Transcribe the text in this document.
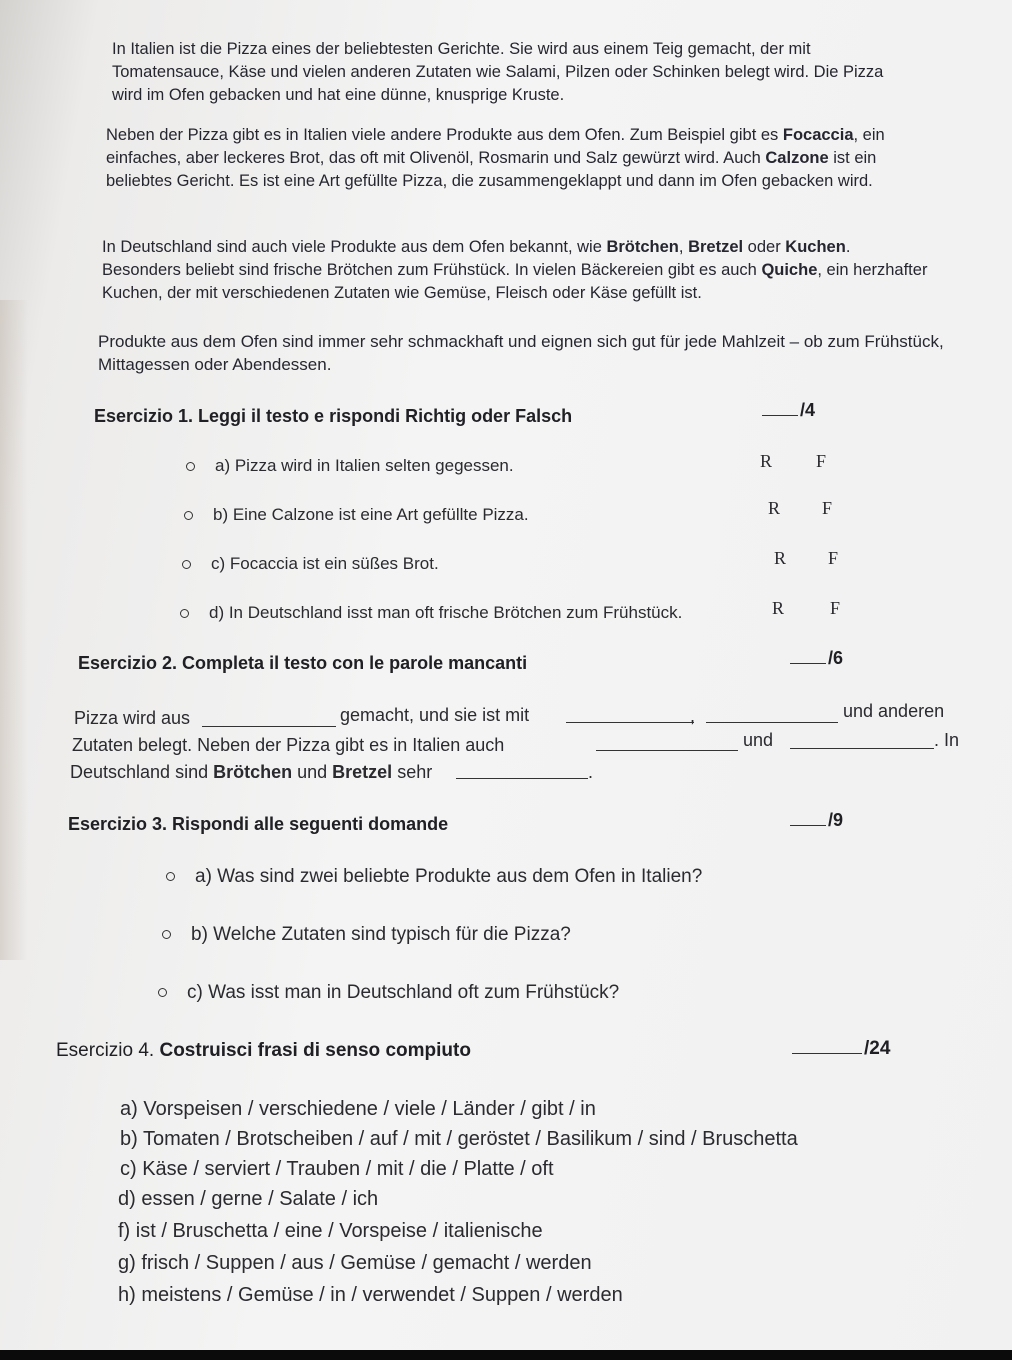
In Italien ist die Pizza eines der beliebtesten Gerichte. Sie wird aus einem Teig gemacht, der mit Tomatensauce, Käse und vielen anderen Zutaten wie Salami, Pilzen oder Schinken belegt wird. Die Pizza wird im Ofen gebacken und hat eine dünne, knusprige Kruste.

Neben der Pizza gibt es in Italien viele andere Produkte aus dem Ofen. Zum Beispiel gibt es Focaccia, ein einfaches, aber leckeres Brot, das oft mit Olivenöl, Rosmarin und Salz gewürzt wird. Auch Calzone ist ein beliebtes Gericht. Es ist eine Art gefüllte Pizza, die zusammengeklappt und dann im Ofen gebacken wird.

In Deutschland sind auch viele Produkte aus dem Ofen bekannt, wie Brötchen, Bretzel oder Kuchen. Besonders beliebt sind frische Brötchen zum Frühstück. In vielen Bäckereien gibt es auch Quiche, ein herzhafter Kuchen, der mit verschiedenen Zutaten wie Gemüse, Fleisch oder Käse gefüllt ist.

Produkte aus dem Ofen sind immer sehr schmackhaft und eignen sich gut für jede Mahlzeit – ob zum Frühstück, Mittagessen oder Abendessen.

Esercizio 1. Leggi il testo e rispondi Richtig oder Falsch	/4
a) Pizza wird in Italien selten gegessen.	R F
b) Eine Calzone ist eine Art gefüllte Pizza.	R F
c) Focaccia ist ein süßes Brot.	R F
d) In Deutschland isst man oft frische Brötchen zum Frühstück.	R	F

Esercizio 2. Completa il testo con le parole mancanti	/6
Pizza wird aus	gemacht, und sie ist mit	,	und anderen
Zutaten belegt. Neben der Pizza gibt es in Italien auch	und	. In
Deutschland sind Brötchen und Bretzel sehr	.

Esercizio 3. Rispondi alle seguenti domande	/9
a) Was sind zwei beliebte Produkte aus dem Ofen in Italien?
b) Welche Zutaten sind typisch für die Pizza?
c) Was isst man in Deutschland oft zum Frühstück?

Esercizio 4. Costruisci frasi di senso compiuto	/24
a) Vorspeisen / verschiedene / viele / Länder / gibt / in
b) Tomaten / Brotscheiben / auf / mit / geröstet / Basilikum / sind / Bruschetta
c) Käse / serviert / Trauben / mit / die / Platte / oft
d) essen / gerne / Salate / ich
f) ist / Bruschetta / eine / Vorspeise / italienische
g) frisch / Suppen / aus / Gemüse / gemacht / werden
h) meistens / Gemüse / in / verwendet / Suppen / werden
